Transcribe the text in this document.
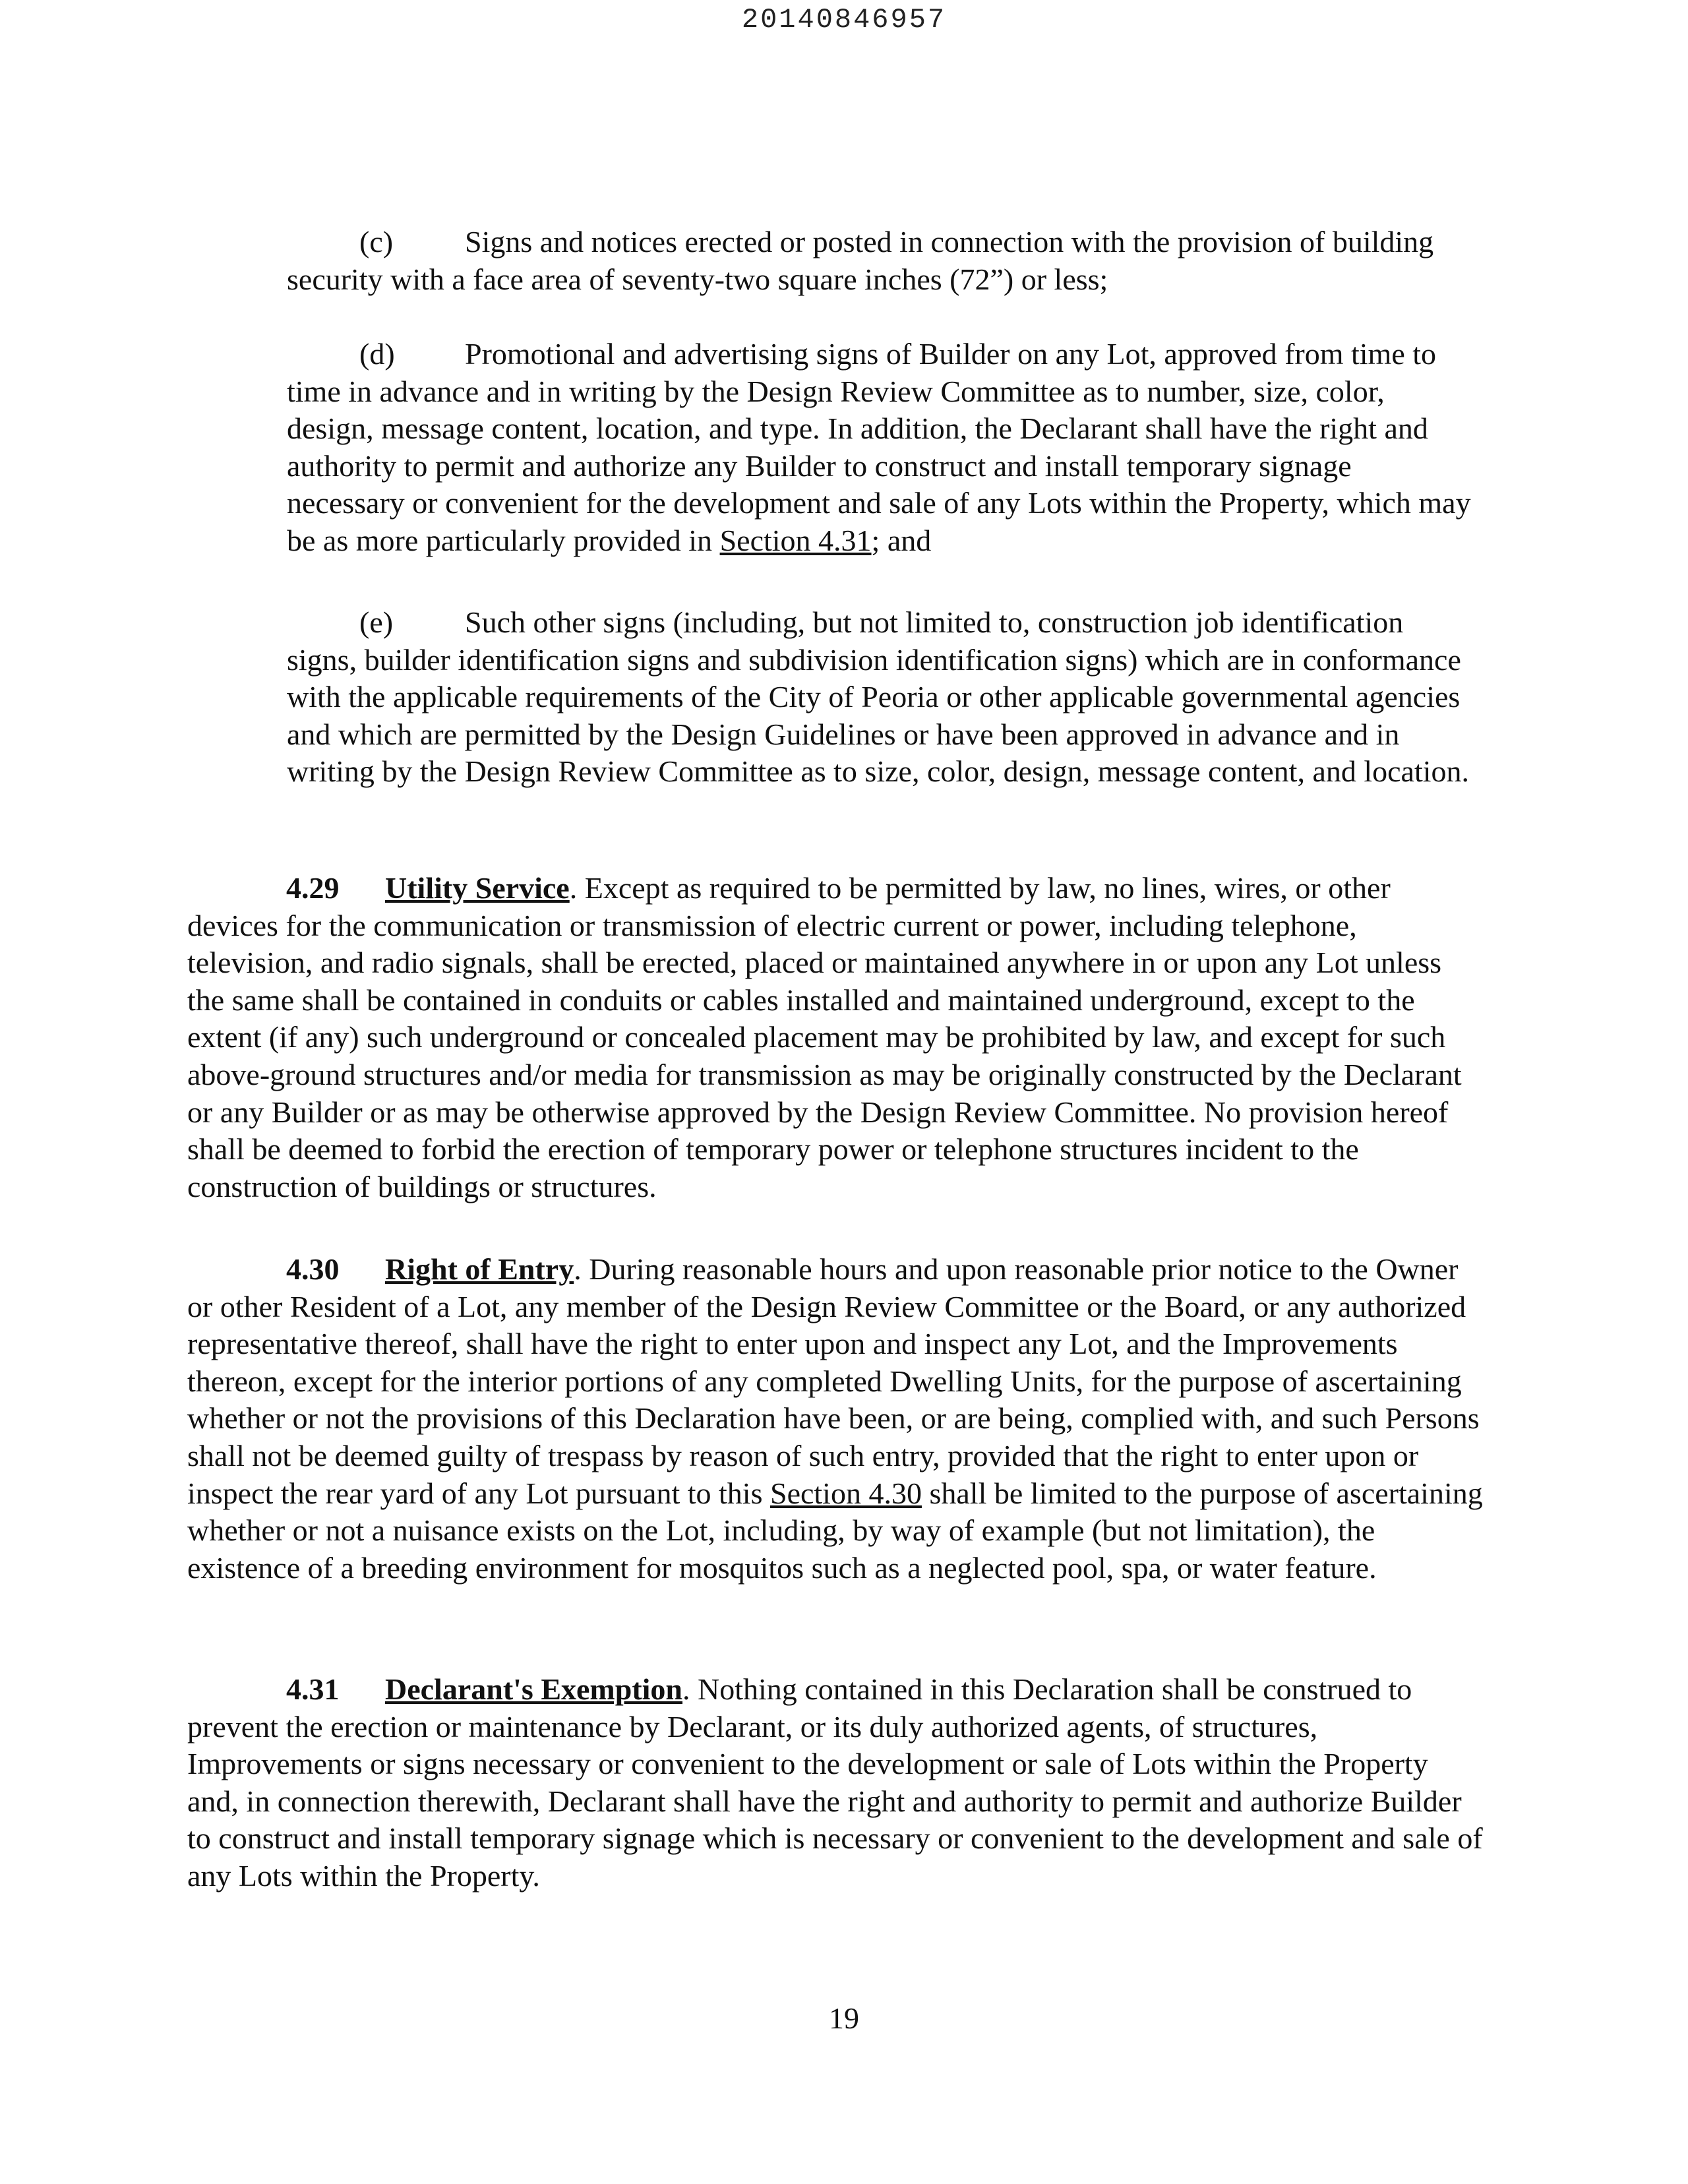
20140846957

(c) Signs and notices erected or posted in connection with the provision of building security with a face area of seventy-two square inches (72”) or less;

(d) Promotional and advertising signs of Builder on any Lot, approved from time to time in advance and in writing by the Design Review Committee as to number, size, color, design, message content, location, and type. In addition, the Declarant shall have the right and authority to permit and authorize any Builder to construct and install temporary signage necessary or convenient for the development and sale of any Lots within the Property, which may be as more particularly provided in Section 4.31; and

(e) Such other signs (including, but not limited to, construction job identification signs, builder identification signs and subdivision identification signs) which are in conformance with the applicable requirements of the City of Peoria or other applicable governmental agencies and which are permitted by the Design Guidelines or have been approved in advance and in writing by the Design Review Committee as to size, color, design, message content, and location.

4.29 Utility Service. Except as required to be permitted by law, no lines, wires, or other devices for the communication or transmission of electric current or power, including telephone, television, and radio signals, shall be erected, placed or maintained anywhere in or upon any Lot unless the same shall be contained in conduits or cables installed and maintained underground, except to the extent (if any) such underground or concealed placement may be prohibited by law, and except for such above-ground structures and/or media for transmission as may be originally constructed by the Declarant or any Builder or as may be otherwise approved by the Design Review Committee. No provision hereof shall be deemed to forbid the erection of temporary power or telephone structures incident to the construction of buildings or structures.

4.30 Right of Entry. During reasonable hours and upon reasonable prior notice to the Owner or other Resident of a Lot, any member of the Design Review Committee or the Board, or any authorized representative thereof, shall have the right to enter upon and inspect any Lot, and the Improvements thereon, except for the interior portions of any completed Dwelling Units, for the purpose of ascertaining whether or not the provisions of this Declaration have been, or are being, complied with, and such Persons shall not be deemed guilty of trespass by reason of such entry, provided that the right to enter upon or inspect the rear yard of any Lot pursuant to this Section 4.30 shall be limited to the purpose of ascertaining whether or not a nuisance exists on the Lot, including, by way of example (but not limitation), the existence of a breeding environment for mosquitos such as a neglected pool, spa, or water feature.

4.31 Declarant's Exemption. Nothing contained in this Declaration shall be construed to prevent the erection or maintenance by Declarant, or its duly authorized agents, of structures, Improvements or signs necessary or convenient to the development or sale of Lots within the Property and, in connection therewith, Declarant shall have the right and authority to permit and authorize Builder to construct and install temporary signage which is necessary or convenient to the development and sale of any Lots within the Property.

19
